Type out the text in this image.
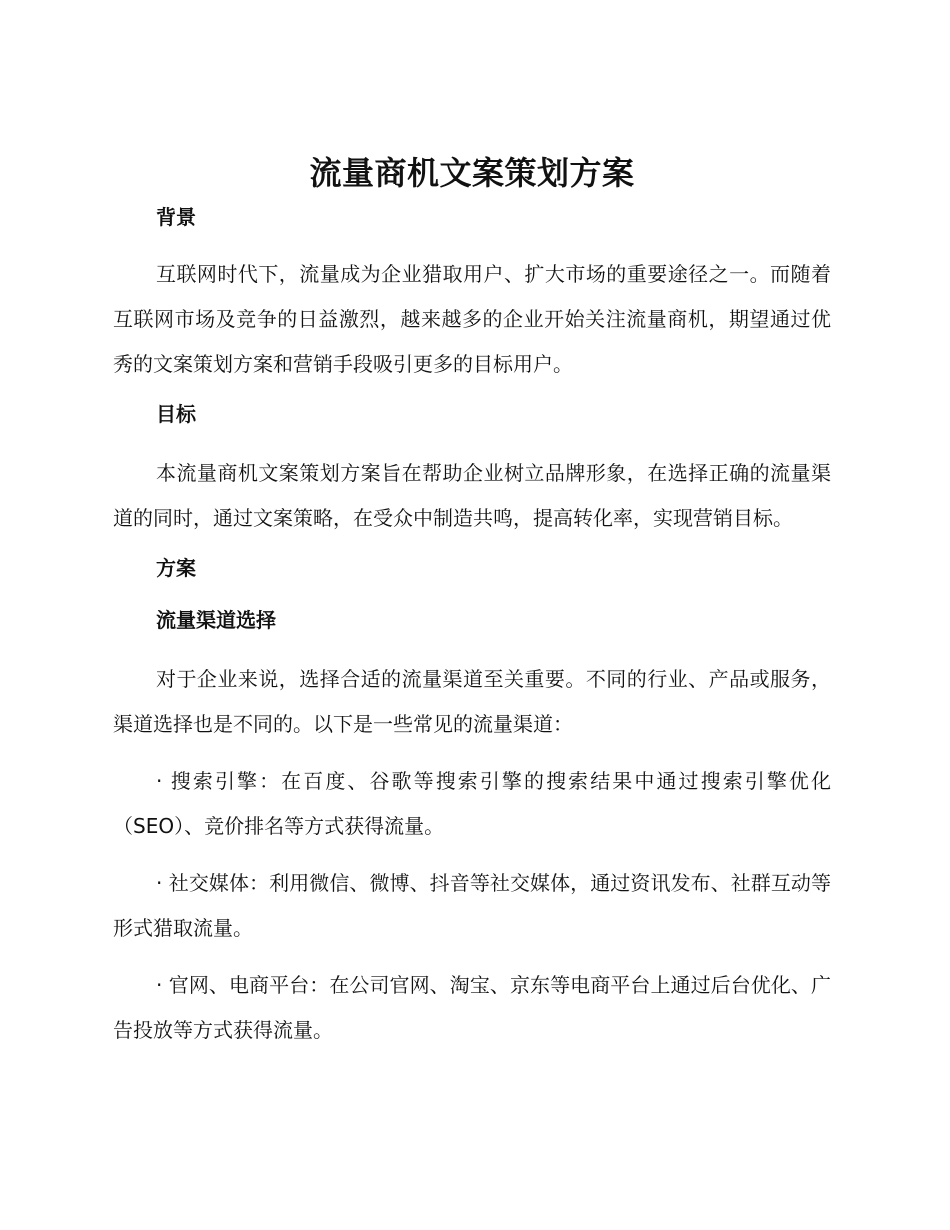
流量商机文案策划方案
背景

互联网时代下，流量成为企业猎取用户、扩大市场的重要途径之一。而随着互联网市场及竞争的日益激烈，越来越多的企业开始关注流量商机，期望通过优秀的文案策划方案和营销手段吸引更多的目标用户。

目标

本流量商机文案策划方案旨在帮助企业树立品牌形象，在选择正确的流量渠道的同时，通过文案策略，在受众中制造共鸣，提高转化率，实现营销目标。

方案
流量渠道选择

对于企业来说，选择合适的流量渠道至关重要。不同的行业、产品或服务，渠道选择也是不同的。以下是一些常见的流量渠道：

· 搜索引擎：在百度、谷歌等搜索引擎的搜索结果中通过搜索引擎优化（SEO）、竞价排名等方式获得流量。

· 社交媒体：利用微信、微博、抖音等社交媒体，通过资讯发布、社群互动等形式猎取流量。

· 官网、电商平台：在公司官网、淘宝、京东等电商平台上通过后台优化、广告投放等方式获得流量。
